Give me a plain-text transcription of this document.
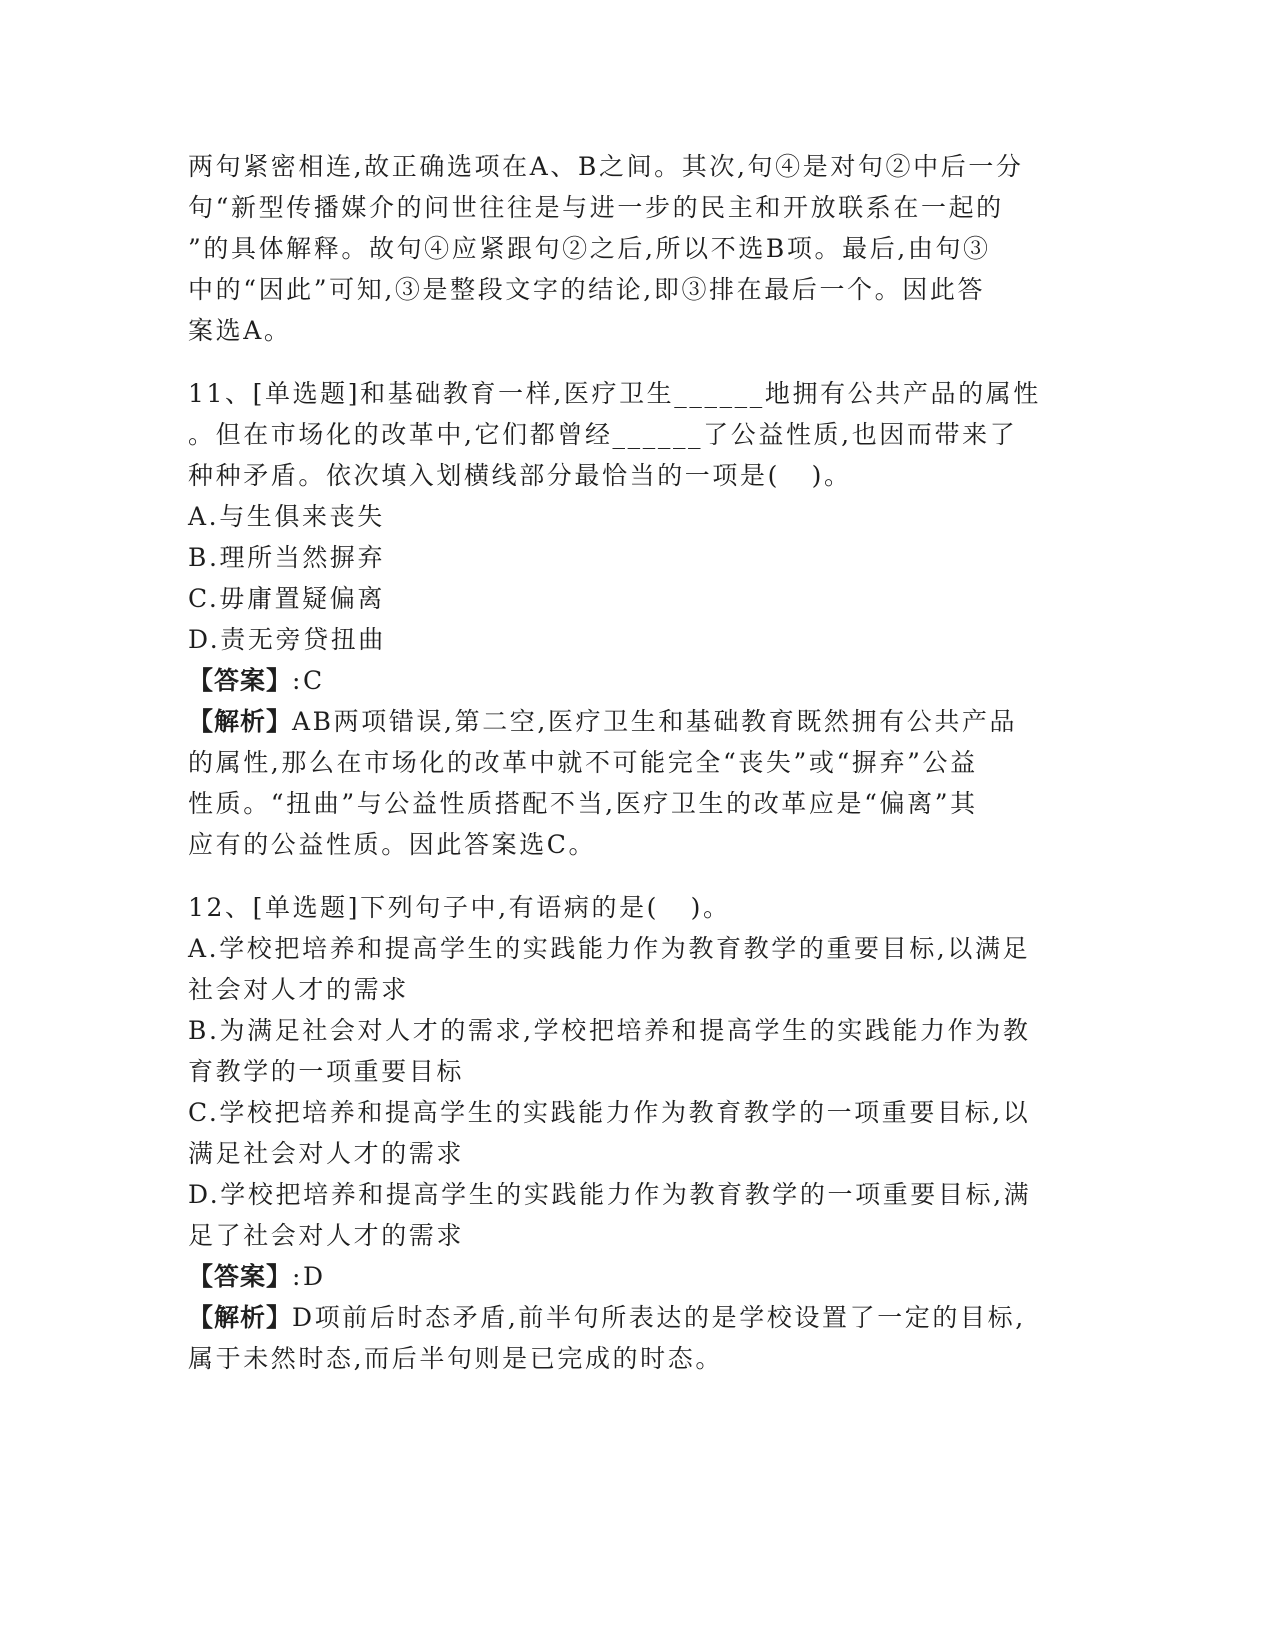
两句紧密相连,故正确选项在A、B之间。其次,句④是对句②中后一分
句“新型传播媒介的问世往往是与进一步的民主和开放联系在一起的
”的具体解释。故句④应紧跟句②之后,所以不选B项。最后,由句③
中的“因此”可知,③是整段文字的结论,即③排在最后一个。因此答
案选A。
11、[单选题]和基础教育一样,医疗卫生______地拥有公共产品的属性
。但在市场化的改革中,它们都曾经______了公益性质,也因而带来了
种种矛盾。依次填入划横线部分最恰当的一项是(   )。
A.与生俱来丧失
B.理所当然摒弃
C.毋庸置疑偏离
D.责无旁贷扭曲
【答案】:C
【解析】AB两项错误,第二空,医疗卫生和基础教育既然拥有公共产品
的属性,那么在市场化的改革中就不可能完全“丧失”或“摒弃”公益
性质。“扭曲”与公益性质搭配不当,医疗卫生的改革应是“偏离”其
应有的公益性质。因此答案选C。
12、[单选题]下列句子中,有语病的是(   )。
A.学校把培养和提高学生的实践能力作为教育教学的重要目标,以满足
社会对人才的需求
B.为满足社会对人才的需求,学校把培养和提高学生的实践能力作为教
育教学的一项重要目标
C.学校把培养和提高学生的实践能力作为教育教学的一项重要目标,以
满足社会对人才的需求
D.学校把培养和提高学生的实践能力作为教育教学的一项重要目标,满
足了社会对人才的需求
【答案】:D
【解析】D项前后时态矛盾,前半句所表达的是学校设置了一定的目标,
属于未然时态,而后半句则是已完成的时态。
